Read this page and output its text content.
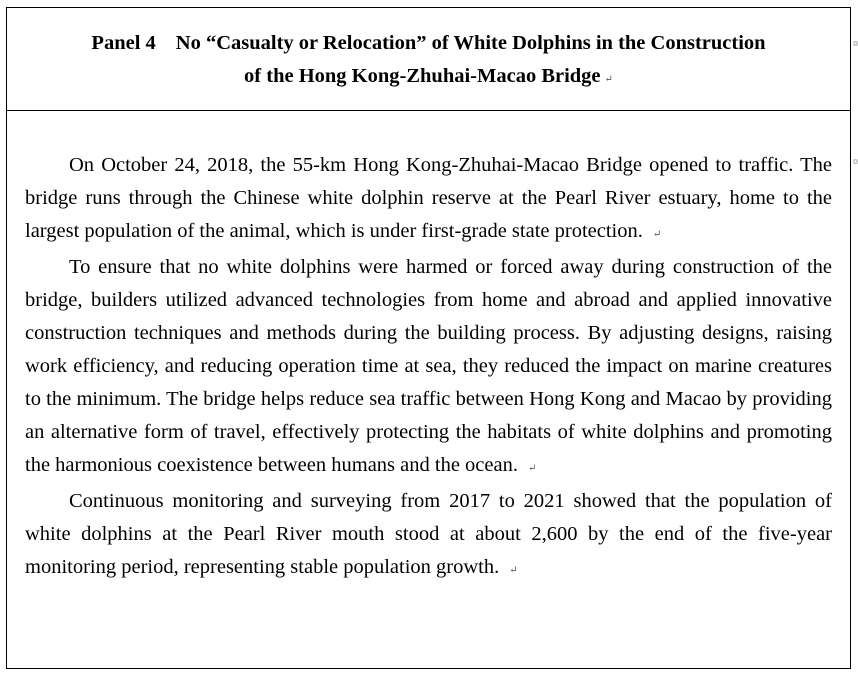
Panel 4 No “Casualty or Relocation” of White Dolphins in the Construction
of the Hong Kong-Zhuhai-Macao Bridge ↵

On October 24, 2018, the 55-km Hong Kong-Zhuhai-Macao Bridge opened to traffic. The bridge runs through the Chinese white dolphin reserve at the Pearl River estuary, home to the largest population of the animal, which is under first-grade state protection. ↵

To ensure that no white dolphins were harmed or forced away during construction of the bridge, builders utilized advanced technologies from home and abroad and applied innovative construction techniques and methods during the building process. By adjusting designs, raising work efficiency, and reducing operation time at sea, they reduced the impact on marine creatures to the minimum. The bridge helps reduce sea traffic between Hong Kong and Macao by providing an alternative form of travel, effectively protecting the habitats of white dolphins and promoting the harmonious coexistence between humans and the ocean. ↵

Continuous monitoring and surveying from 2017 to 2021 showed that the population of white dolphins at the Pearl River mouth stood at about 2,600 by the end of the five-year monitoring period, representing stable population growth. ↵

¤
¤
